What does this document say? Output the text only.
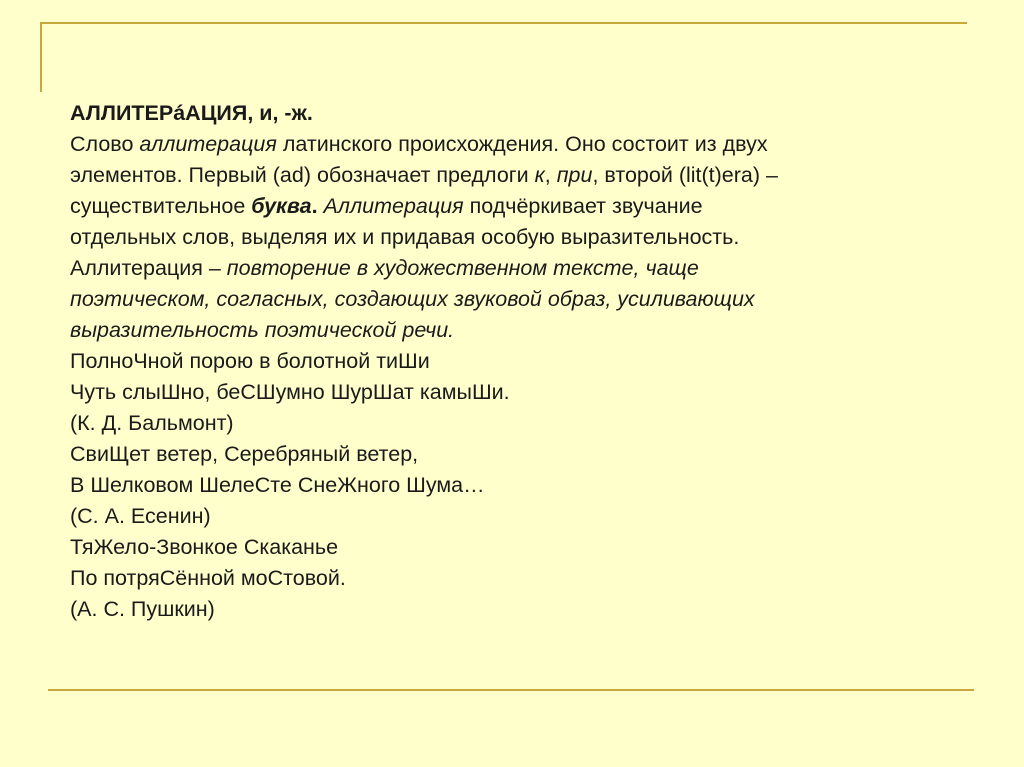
АЛЛИТЕРáАЦИЯ, и, -ж.

Слово аллитерация латинского происхождения. Оно состоит из двух

элементов. Первый (ad) обозначает предлоги к, при, второй (lit(t)era) –

существительное буква. Аллитерация подчёркивает звучание

отдельных слов, выделяя их и придавая особую выразительность.

Аллитерация – повторение в художественном тексте, чаще

поэтическом, согласных, создающих звуковой образ, усиливающих

выразительность поэтической речи.

ПолноЧной порою в болотной тиШи

Чуть слыШно, беСШумно ШурШат камыШи.

(К. Д. Бальмонт)

СвиЩет ветер, Серебряный ветер,

В Шелковом ШелеСте СнеЖного Шума…

(С. А. Есенин)

ТяЖело-Звонкое Скаканье

По потряСённой моСтовой.

(А. С. Пушкин)
